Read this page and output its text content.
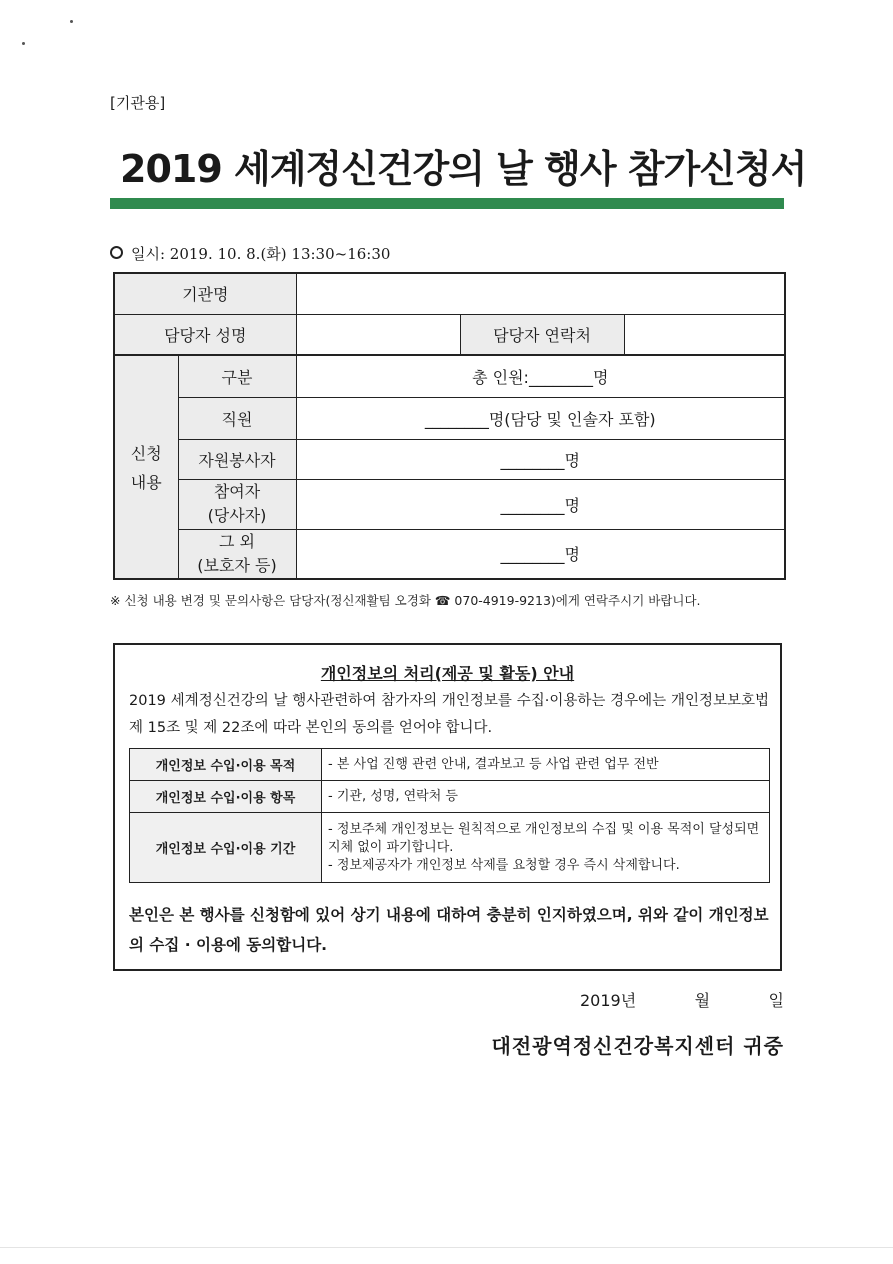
[기관용]
2019 세계정신건강의 날 행사 참가신청서
일시: 2019. 10. 8.(화) 13:30~16:30
기관명				
담당자 성명			담당자 연락처	

신청
내용	구분	총 인원:________명		
	직원	________명(담당 및 인솔자 포함)		
	자원봉사자	________명		

	참여자
(당사자)	________명		

	그 외
(보호자 등)	________명		
※ 신청 내용 변경 및 문의사항은 담당자(정신재활팀 오경화 ☎ 070-4919-9213)에게 연락주시기 바랍니다.
개인정보의 처리(제공 및 활동) 안내
2019 세계정신건강의 날 행사관련하여 참가자의 개인정보를 수집·이용하는 경우에는 개인정보보호법 제 15조 및 제 22조에 따라 본인의 동의를 얻어야 합니다.
개인정보 수입·이용 목적	- 본 사업 진행 관련 안내, 결과보고 등 사업 관련 업무 전반
개인정보 수입·이용 항목	- 기관, 성명, 연락처 등
개인정보 수입·이용 기간	- 정보주체 개인정보는 원칙적으로 개인정보의 수집 및 이용 목적이 달성되면 지체 없이 파기합니다.
- 정보제공자가 개인정보 삭제를 요청할 경우 즉시 삭제합니다.
본인은 본 행사를 신청함에 있어 상기 내용에 대하여 충분히 인지하였으며, 위와 같이 개인정보의 수집 · 이용에 동의합니다.
2019년	월	일
대전광역정신건강복지센터 귀중
